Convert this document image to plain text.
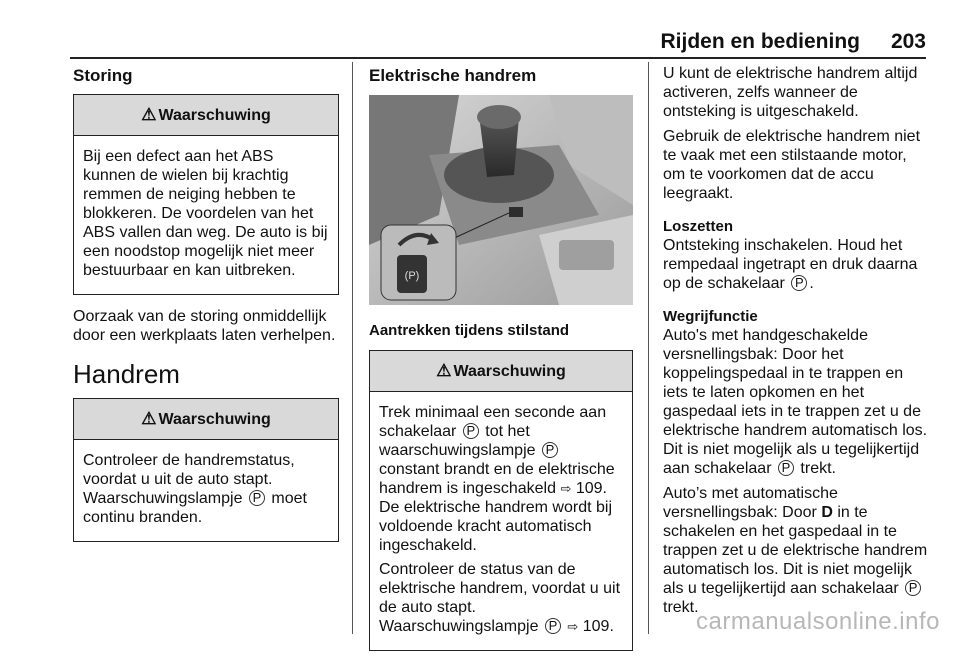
Rijden en bediening 203
Storing
⚠ Waarschuwing

Bij een defect aan het ABS kunnen de wielen bij krachtig remmen de neiging hebben te blokkeren. De voordelen van het ABS vallen dan weg. De auto is bij een noodstop mogelijk niet meer bestuurbaar en kan uitbreken.

Oorzaak van de storing onmiddellijk door een werkplaats laten verhelpen.

Handrem
⚠ Waarschuwing

Controleer de handremstatus, voordat u uit de auto stapt. Waarschuwingslampje P moet continu branden.

Elektrische handrem
(P)
Aantrekken tijdens stilstand
⚠ Waarschuwing

Trek minimaal een seconde aan schakelaar P tot het waarschuwingslampje P constant brandt en de elektrische handrem is ingeschakeld ⇨ 109. De elektrische handrem wordt bij voldoende kracht automatisch ingeschakeld.

Controleer de status van de elektrische handrem, voordat u uit de auto stapt. Waarschuwingslampje P ⇨ 109.

U kunt de elektrische handrem altijd activeren, zelfs wanneer de ontsteking is uitgeschakeld.

Gebruik de elektrische handrem niet te vaak met een stilstaande motor, om te voorkomen dat de accu leegraakt.

Loszetten

Ontsteking inschakelen. Houd het rempedaal ingetrapt en druk daarna op de schakelaar P .

Wegrijfunctie

Auto's met handgeschakelde versnellingsbak: Door het koppelingspedaal in te trappen en iets te laten opkomen en het gaspedaal iets in te trappen zet u de elektrische handrem automatisch los. Dit is niet mogelijk als u tegelijkertijd aan schakelaar P trekt.

Auto’s met automatische versnellingsbak: Door D in te schakelen en het gaspedaal in te trappen zet u de elektrische handrem automatisch los. Dit is niet mogelijk als u tegelijkertijd aan schakelaar P trekt.

carmanualsonline.info
